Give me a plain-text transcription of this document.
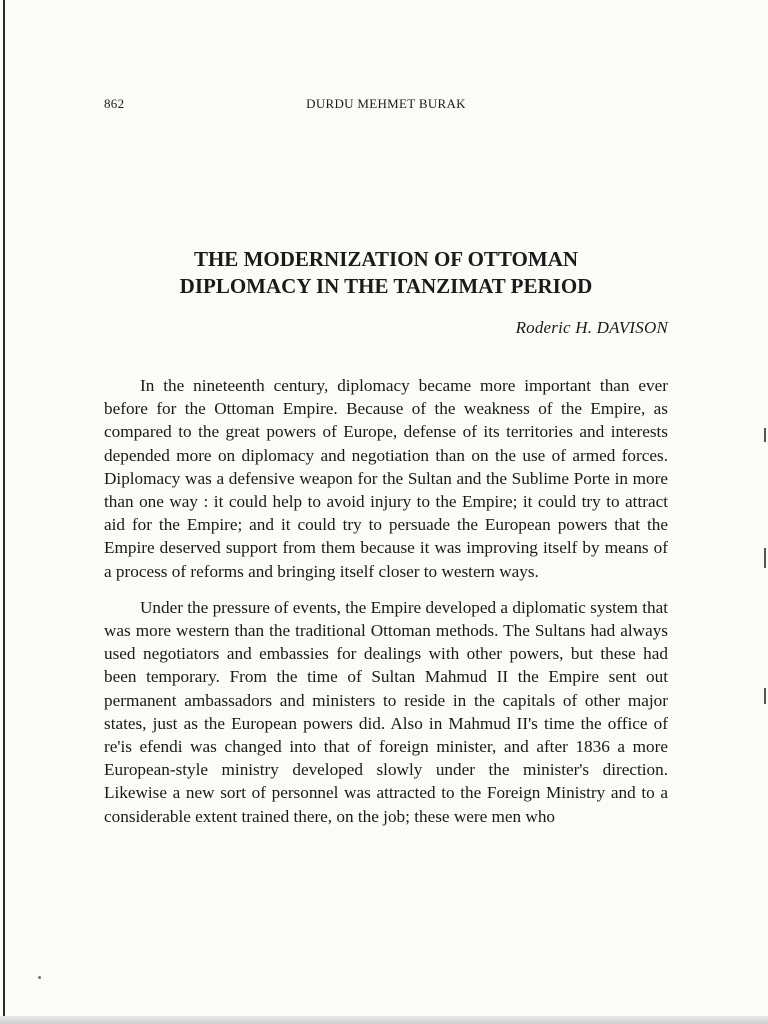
862	DURDU MEHMET BURAK
THE MODERNIZATION OF OTTOMAN
DIPLOMACY IN THE TANZIMAT PERIOD
Roderic H. DAVISON

In the nineteenth century, diplomacy became more important than ever before for the Ottoman Empire. Because of the weakness of the Empire, as compared to the great powers of Europe, defense of its territories and interests depended more on diplomacy and negotiation than on the use of armed forces. Diplomacy was a defensive weapon for the Sultan and the Sublime Porte in more than one way : it could help to avoid injury to the Empire; it could try to attract aid for the Empire; and it could try to persuade the European powers that the Empire deserved support from them because it was improving itself by means of a process of reforms and bringing itself closer to western ways.

Under the pressure of events, the Empire developed a diplomatic system that was more western than the traditional Ottoman methods. The Sultans had always used negotiators and embassies for dealings with other powers, but these had been temporary. From the time of Sultan Mahmud II the Empire sent out permanent ambassadors and ministers to reside in the capitals of other major states, just as the European powers did. Also in Mahmud II's time the office of re'is efendi was changed into that of foreign minister, and after 1836 a more European-style ministry developed slowly under the minister's direction. Likewise a new sort of personnel was attracted to the Foreign Ministry and to a considerable extent trained there, on the job; these were men who
